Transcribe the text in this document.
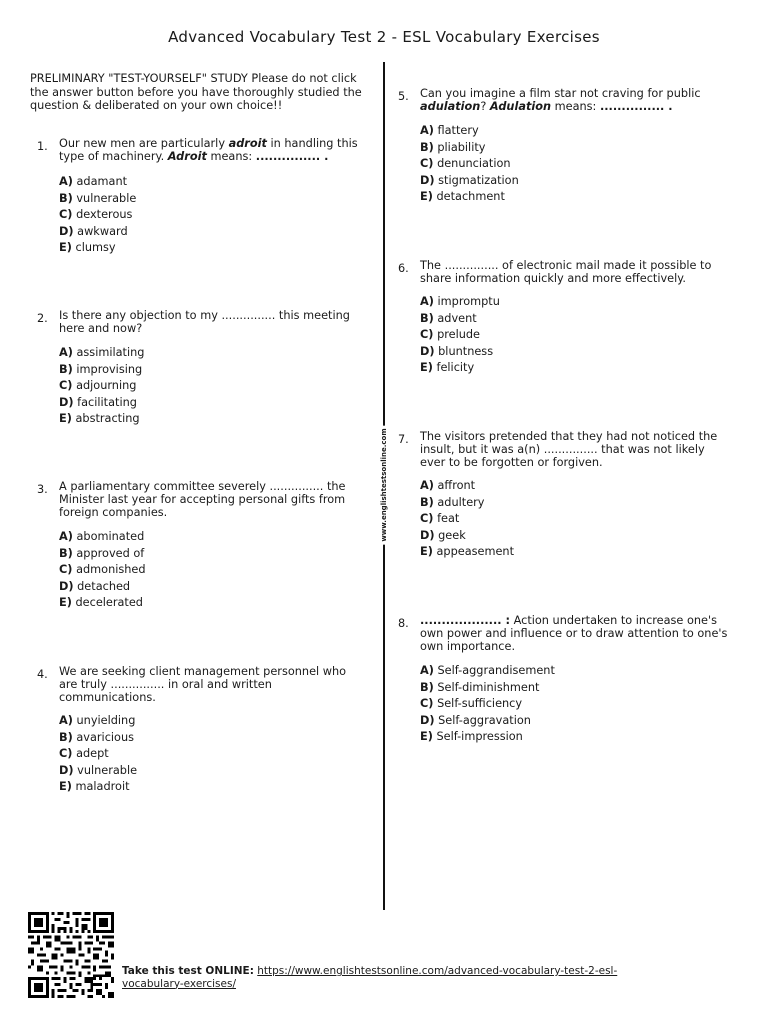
Advanced Vocabulary Test 2 - ESL Vocabulary Exercises
PRELIMINARY "TEST-YOURSELF" STUDY Please do not click the answer button before you have thoroughly studied the question & deliberated on your own choice!!
www.englishtestsonline.com
1. Our new men are particularly adroit in handling this type of machinery. Adroit means: ............... .
A) adamant
B) vulnerable
C) dexterous
D) awkward
E) clumsy
2. Is there any objection to my ............... this meeting here and now?
A) assimilating
B) improvising
C) adjourning
D) facilitating
E) abstracting
3. A parliamentary committee severely ............... the Minister last year for accepting personal gifts from foreign companies.
A) abominated
B) approved of
C) admonished
D) detached
E) decelerated
4. We are seeking client management personnel who are truly ............... in oral and written communications.
A) unyielding
B) avaricious
C) adept
D) vulnerable
E) maladroit
5. Can you imagine a film star not craving for public adulation? Adulation means: ............... .
A) flattery
B) pliability
C) denunciation
D) stigmatization
E) detachment
6. The ............... of electronic mail made it possible to share information quickly and more effectively.
A) impromptu
B) advent
C) prelude
D) bluntness
E) felicity
7. The visitors pretended that they had not noticed the insult, but it was a(n) ............... that was not likely ever to be forgotten or forgiven.
A) affront
B) adultery
C) feat
D) geek
E) appeasement
8. ................... : Action undertaken to increase one's own power and influence or to draw attention to one's own importance.
A) Self-aggrandisement
B) Self-diminishment
C) Self-sufficiency
D) Self-aggravation
E) Self-impression
Take this test ONLINE: https://www.englishtestsonline.com/advanced-vocabulary-test-2-esl-vocabulary-exercises/
